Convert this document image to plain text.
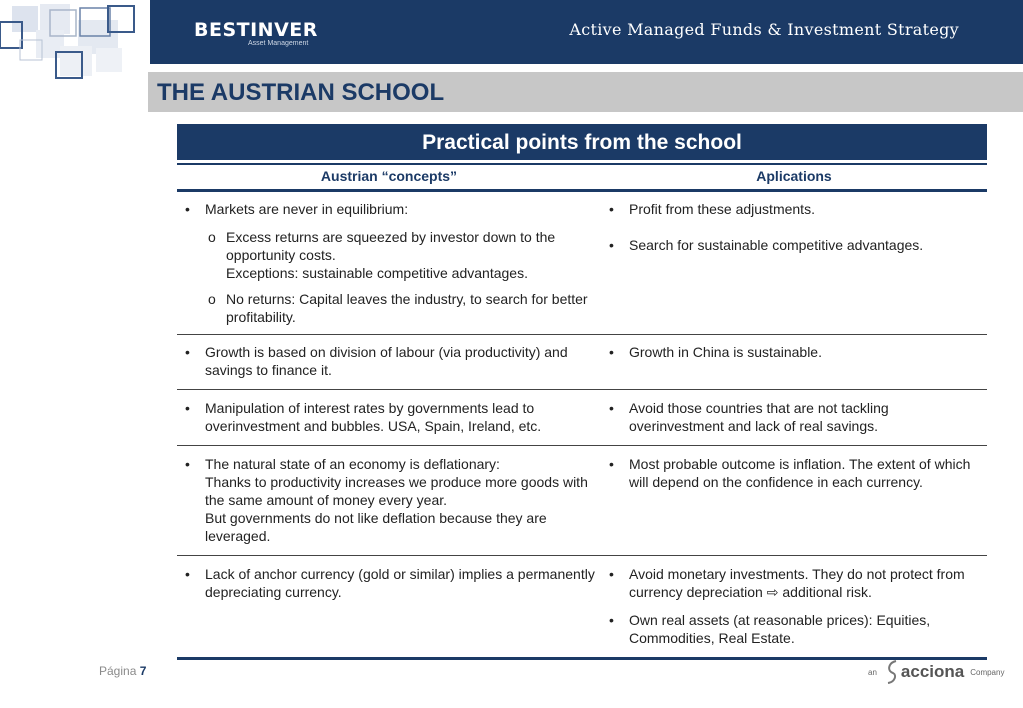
BESTINVER
Asset Management
Active Managed Funds & Investment Strategy
THE AUSTRIAN SCHOOL
Practical points from the school
Austrian “concepts”	Aplications
• Markets are never in equilibrium:
o Excess returns are squeezed by investor down to the opportunity costs.
Exceptions: sustainable competitive advantages.
o No returns: Capital leaves the industry, to search for better profitability.
• Profit from these adjustments.
• Search for sustainable competitive advantages.
• Growth is based on division of labour (via productivity) and savings to finance it.
• Growth in China is sustainable.
• Manipulation of interest rates by governments lead to overinvestment and bubbles. USA, Spain, Ireland, etc.
• Avoid those countries that are not tackling overinvestment and lack of real savings.
• The natural state of an economy is deflationary:
Thanks to productivity increases we produce more goods with the same amount of money every year.
But governments do not like deflation because they are leveraged.
• Most probable outcome is inflation. The extent of which will depend on the confidence in each currency.
• Lack of anchor currency (gold or similar) implies a permanently depreciating currency.
• Avoid monetary investments. They do not protect from currency depreciation ⇨ additional risk.
• Own real assets (at reasonable prices): Equities, Commodities, Real Estate.
Página 7	an acciona Company
